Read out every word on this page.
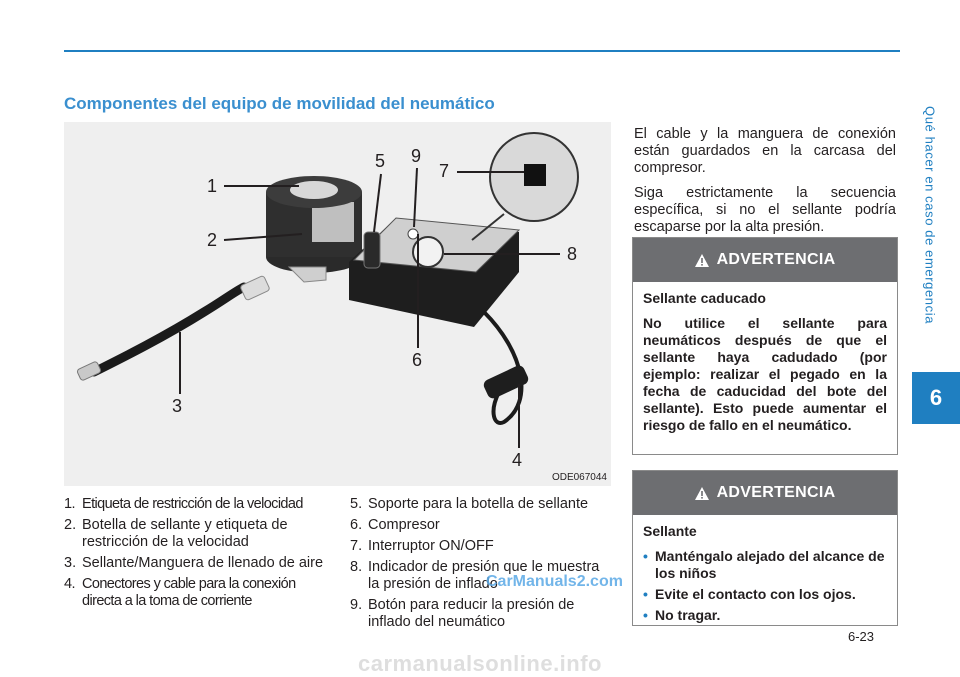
Qué hacer en caso de emergencia
6
Componentes del equipo de movilidad del neumático
1
2
3
4
5
6
7
8
9
ODE067044
1. Etiqueta de restricción de la velocidad
2. Botella de sellante y etiqueta de restricción de la velocidad
3. Sellante/Manguera de llenado de aire
4. Conectores y cable para la conexión directa a la toma de corriente
5. Soporte para la botella de sellante
6. Compresor
7. Interruptor ON/OFF
8. Indicador de presión que le muestra la presión de inflado
9. Botón para reducir la presión de inflado del neumático

El cable y la manguera de conexión están guardados en la carcasa del compresor.

Siga estrictamente la secuencia específica, si no el sellante podría escaparse por la alta presión.

ADVERTENCIA
Sellante caducado
No utilice el sellante para neumáticos después de que el sellante haya cadudado (por ejemplo: realizar el pegado en la fecha de caducidad del bote del sellante). Esto puede aumentar el riesgo de fallo en el neumático.
ADVERTENCIA
Sellante
• Manténgalo alejado del alcance de los niños
• Evite el contacto con los ojos.
• No tragar.
CarManuals2.com
6-23
carmanualsonline.info
